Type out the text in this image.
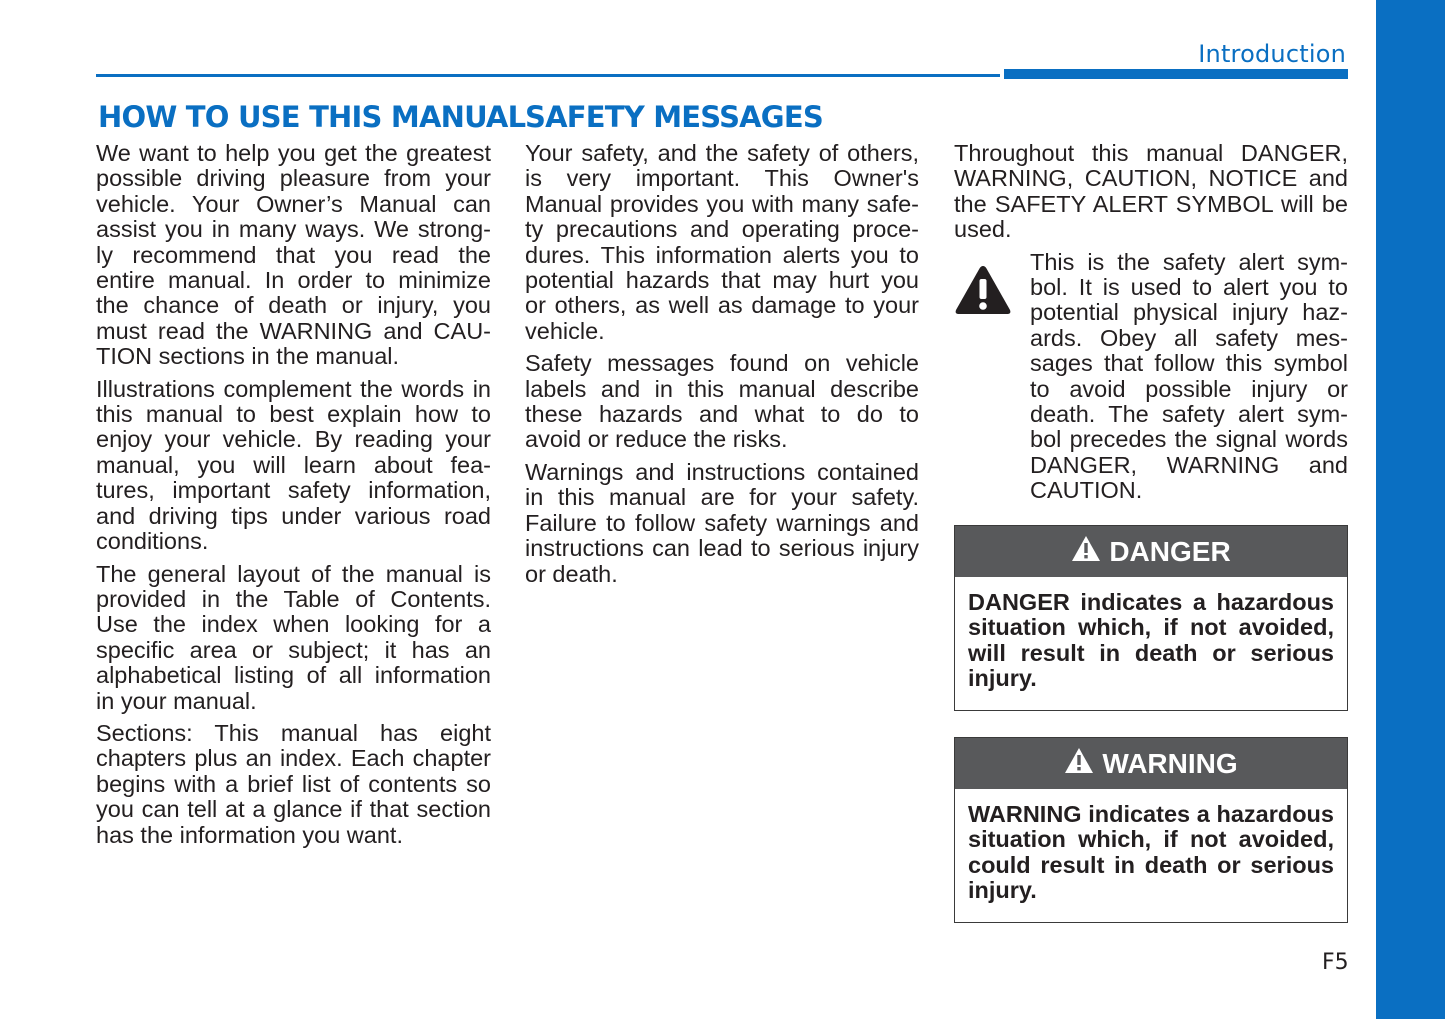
Introduction
HOW TO USE THIS MANUAL SAFETY MESSAGES

We want to help you get the greatest possible driving pleasure from your vehicle. Your Owner’s Manual can assist you in many ways. We strong-ly recommend that you read the entire manual. In order to minimize the chance of death or injury, you must read the WARNING and CAU-TION sections in the manual.

Illustrations complement the words in this manual to best explain how to enjoy your vehicle. By reading your manual, you will learn about fea-tures, important safety information, and driving tips under various road conditions.

The general layout of the manual is provided in the Table of Contents. Use the index when looking for a specific area or subject; it has an alphabetical listing of all information in your manual.

Sections: This manual has eight chapters plus an index. Each chapter begins with a brief list of contents so you can tell at a glance if that section has the information you want.

Your safety, and the safety of others, is very important. This Owner's Manual provides you with many safe-ty precautions and operating proce-dures. This information alerts you to potential hazards that may hurt you or others, as well as damage to your vehicle.

Safety messages found on vehicle labels and in this manual describe these hazards and what to do to avoid or reduce the risks.

Warnings and instructions contained in this manual are for your safety. Failure to follow safety warnings and instructions can lead to serious injury or death.

Throughout this manual DANGER, WARNING, CAUTION, NOTICE and the SAFETY ALERT SYMBOL will be used.

This is the safety alert sym-bol. It is used to alert you to potential physical injury haz-ards. Obey all safety mes-sages that follow this symbol to avoid possible injury or death. The safety alert sym-bol precedes the signal words DANGER, WARNING and CAUTION.

DANGER
DANGER indicates a hazardous situation which, if not avoided, will result in death or serious injury.
WARNING
WARNING indicates a hazardous situation which, if not avoided, could result in death or serious injury.
F5
